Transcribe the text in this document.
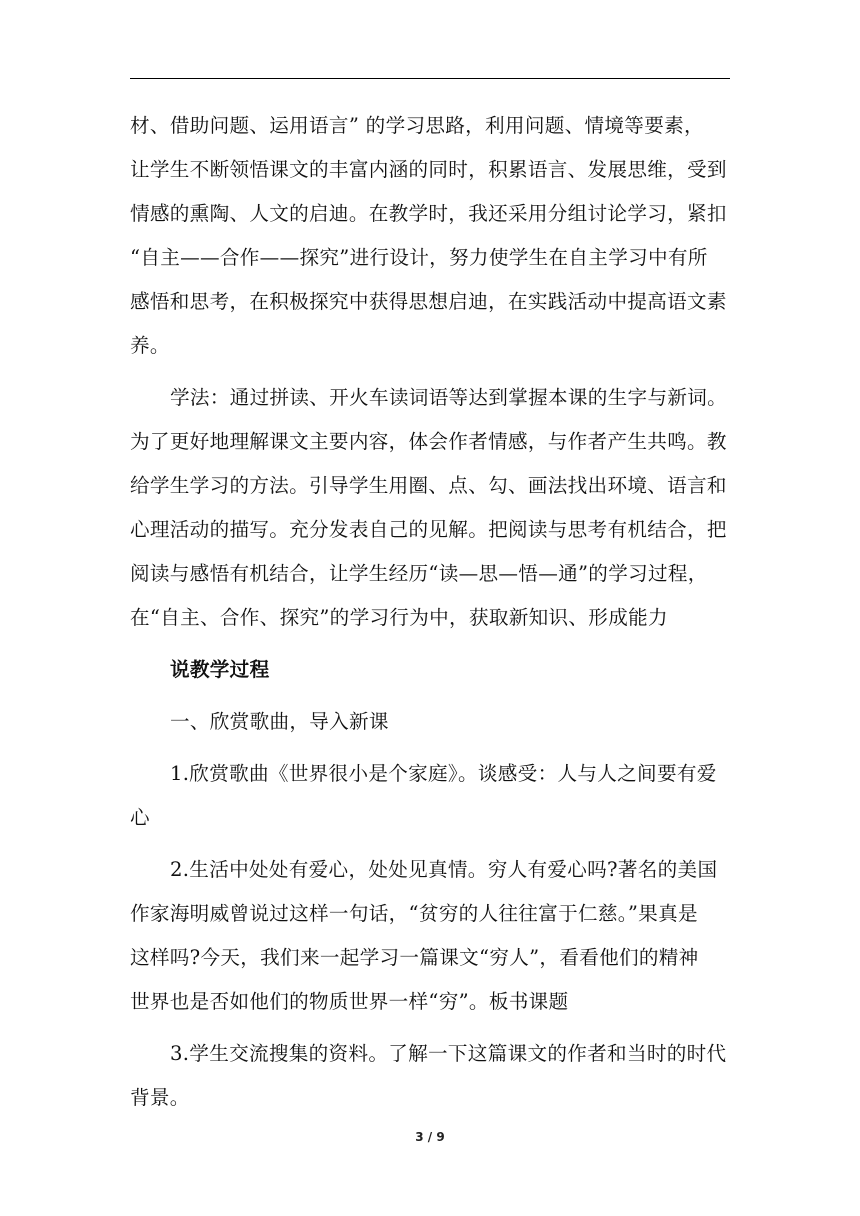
材、借助问题、运用语言” 的学习思路，利用问题、情境等要素，
让学生不断领悟课文的丰富内涵的同时，积累语言、发展思维，受到
情感的熏陶、人文的启迪。在教学时，我还采用分组讨论学习，紧扣
“自主——合作——探究”进行设计，努力使学生在自主学习中有所
感悟和思考，在积极探究中获得思想启迪，在实践活动中提高语文素
养。
学法：通过拼读、开火车读词语等达到掌握本课的生字与新词。
为了更好地理解课文主要内容，体会作者情感，与作者产生共鸣。教
给学生学习的方法。引导学生用圈、点、勾、画法找出环境、语言和
心理活动的描写。充分发表自己的见解。把阅读与思考有机结合，把
阅读与感悟有机结合，让学生经历“读—思—悟—通”的学习过程，
在“自主、合作、探究”的学习行为中，获取新知识、形成能力
说教学过程
一、欣赏歌曲，导入新课
1.欣赏歌曲《世界很小是个家庭》。谈感受：人与人之间要有爱
心
2.生活中处处有爱心，处处见真情。穷人有爱心吗?著名的美国
作家海明威曾说过这样一句话，“贫穷的人往往富于仁慈。”果真是
这样吗?今天，我们来一起学习一篇课文“穷人”，看看他们的精神
世界也是否如他们的物质世界一样“穷”。板书课题
3.学生交流搜集的资料。了解一下这篇课文的作者和当时的时代
背景。
3 / 9
